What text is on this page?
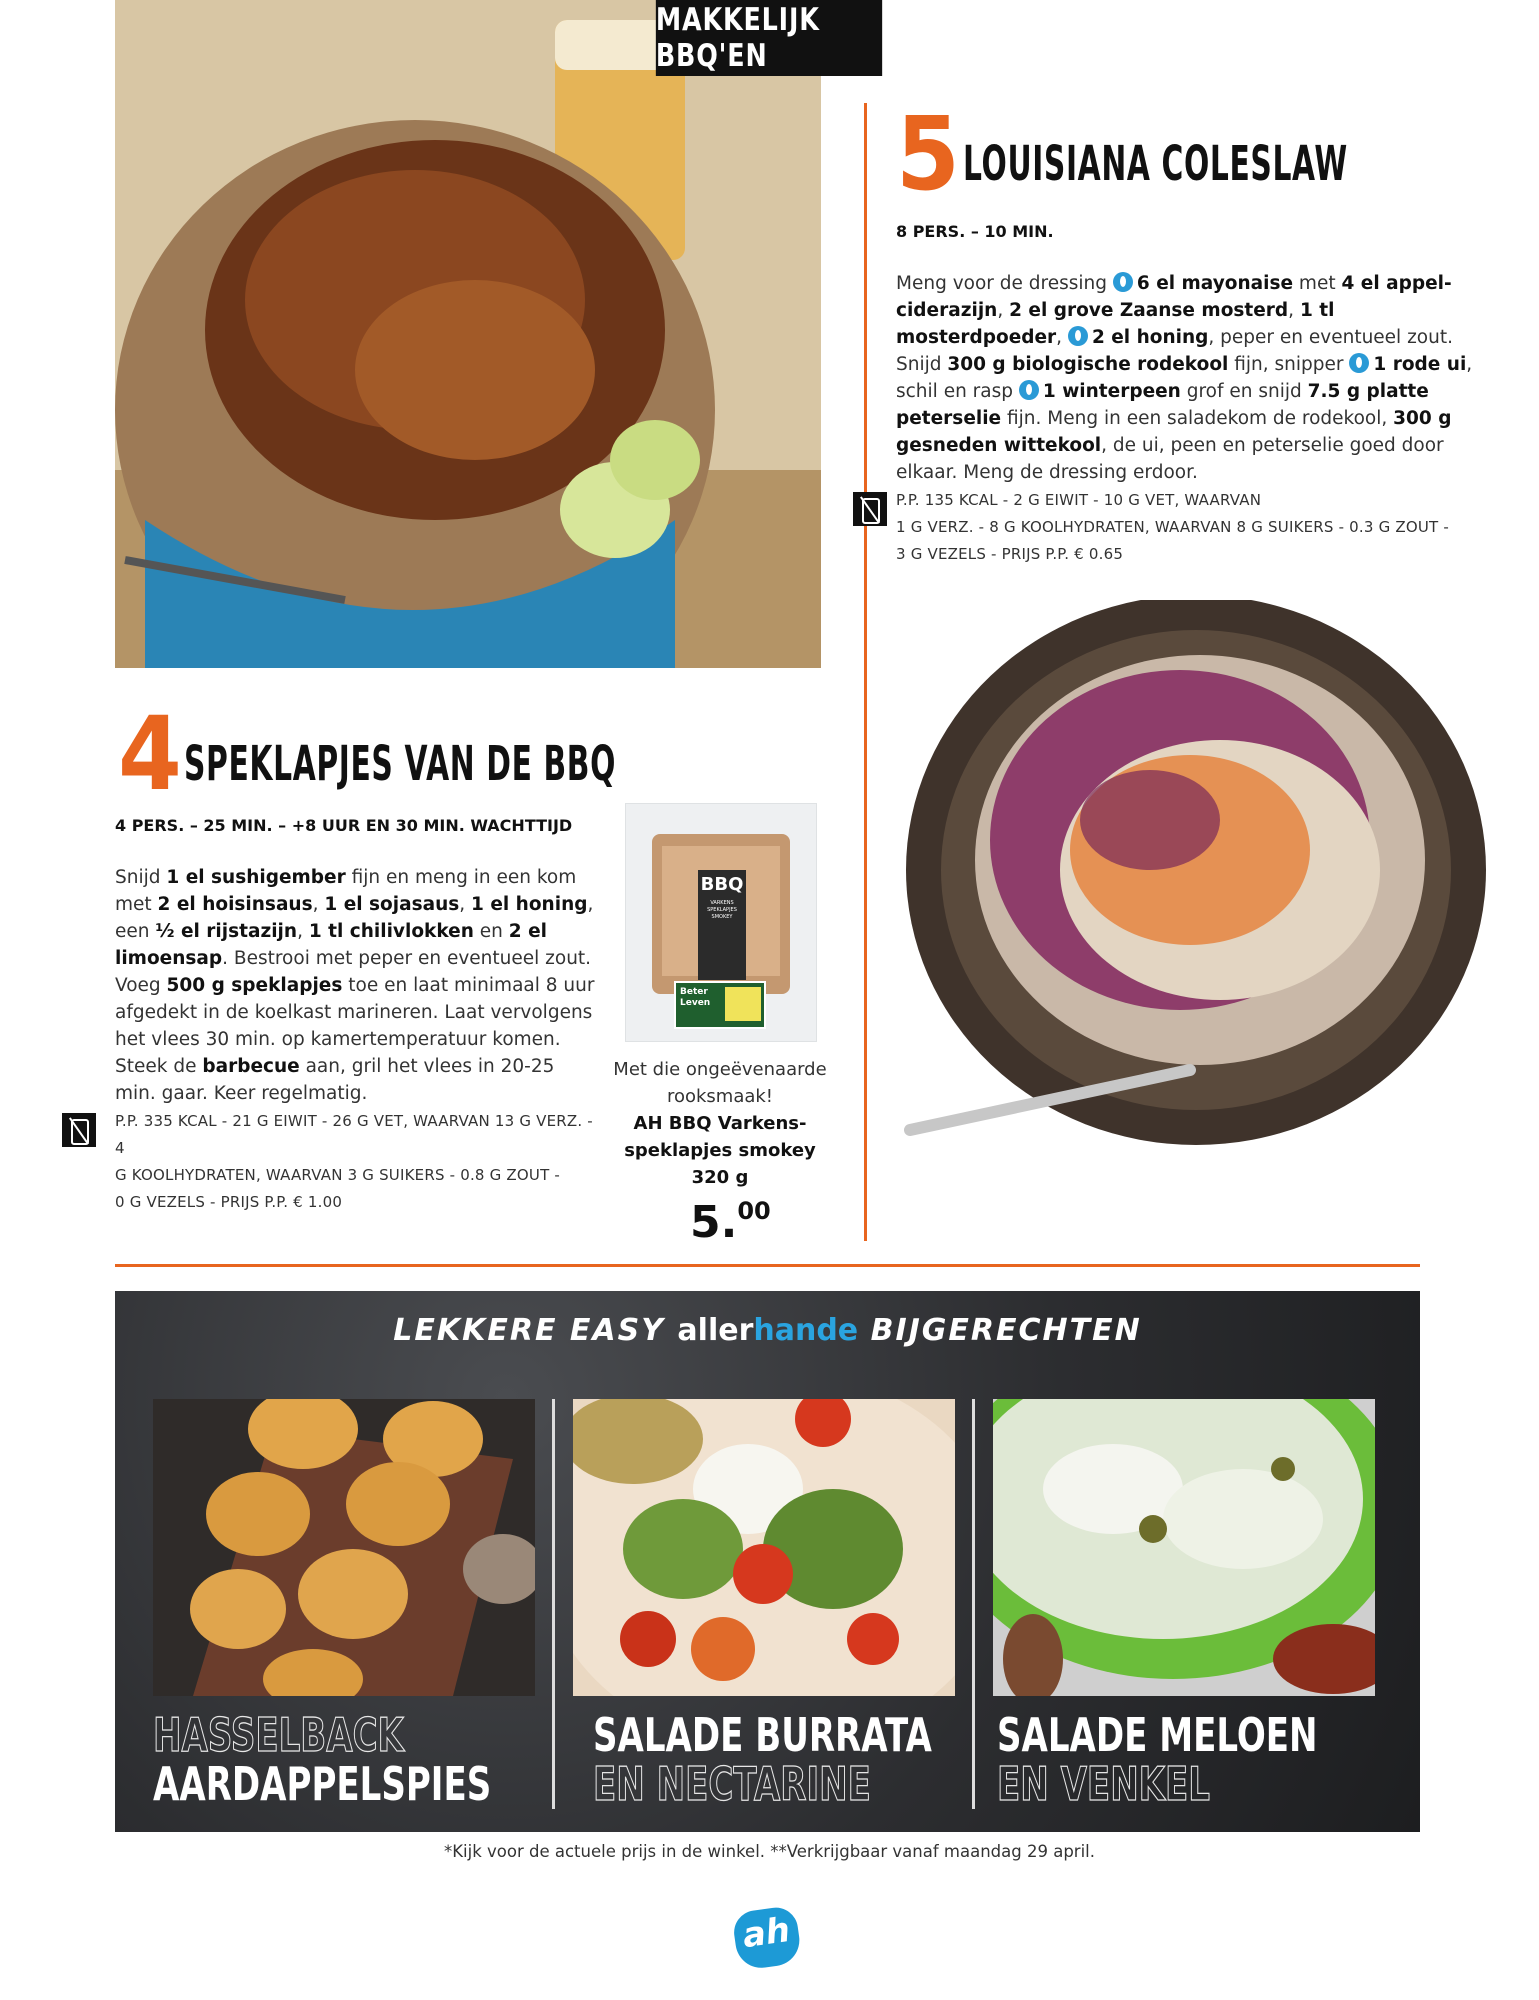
MAKKELIJK BBQ'EN
5 LOUISIANA COLESLAW
8 PERS. – 10 MIN.
Meng voor de dressing 6 el mayonaise met 4 el appelciderazijn, 2 el grove Zaanse mosterd, 1 tl mosterdpoeder, 2 el honing, peper en eventueel zout. Snijd 300 g biologische rodekool fijn, snipper 1 rode ui, schil en rasp 1 winterpeen grof en snijd 7.5 g platte peterselie fijn. Meng in een saladekom de rodekool, 300 g gesneden wittekool, de ui, peen en peterselie goed door elkaar. Meng de dressing erdoor.
P.P. 135 KCAL - 2 G EIWIT - 10 G VET, WAARVAN
1 G VERZ. - 8 G KOOLHYDRATEN, WAARVAN 8 G SUIKERS - 0.3 G ZOUT -
3 G VEZELS - PRIJS P.P. € 0.65
4 SPEKLAPJES VAN DE BBQ
4 PERS. – 25 MIN. – +8 UUR EN 30 MIN. WACHTTIJD
Snijd 1 el sushigember fijn en meng in een kom met 2 el hoisinsaus, 1 el sojasaus, 1 el honing, een ½ el rijstazijn, 1 tl chilivlokken en 2 el limoensap. Bestrooi met peper en eventueel zout. Voeg 500 g speklapjes toe en laat minimaal 8 uur afgedekt in de koelkast marineren. Laat vervolgens het vlees 30 min. op kamertemperatuur komen. Steek de barbecue aan, gril het vlees in 20-25 min. gaar. Keer regelmatig.
P.P. 335 KCAL - 21 G EIWIT - 26 G VET, WAARVAN 13 G VERZ. - 4
G KOOLHYDRATEN, WAARVAN 3 G SUIKERS - 0.8 G ZOUT -
0 G VEZELS - PRIJS P.P. € 1.00
BBQ
VARKENS SPEKLAPJES SMOKEY
Beter Leven
Met die ongeëvenaarde
rooksmaak!
AH BBQ Varkens-
speklapjes smokey
320 g
5.00
LEKKERE EASY allerhande BIJGERECHTEN
HASSELBACK
AARDAPPELSPIES
SALADE BURRATA
EN NECTARINE
SALADE MELOEN
EN VENKEL
*Kijk voor de actuele prijs in de winkel. **Verkrijgbaar vanaf maandag 29 april.
ah
